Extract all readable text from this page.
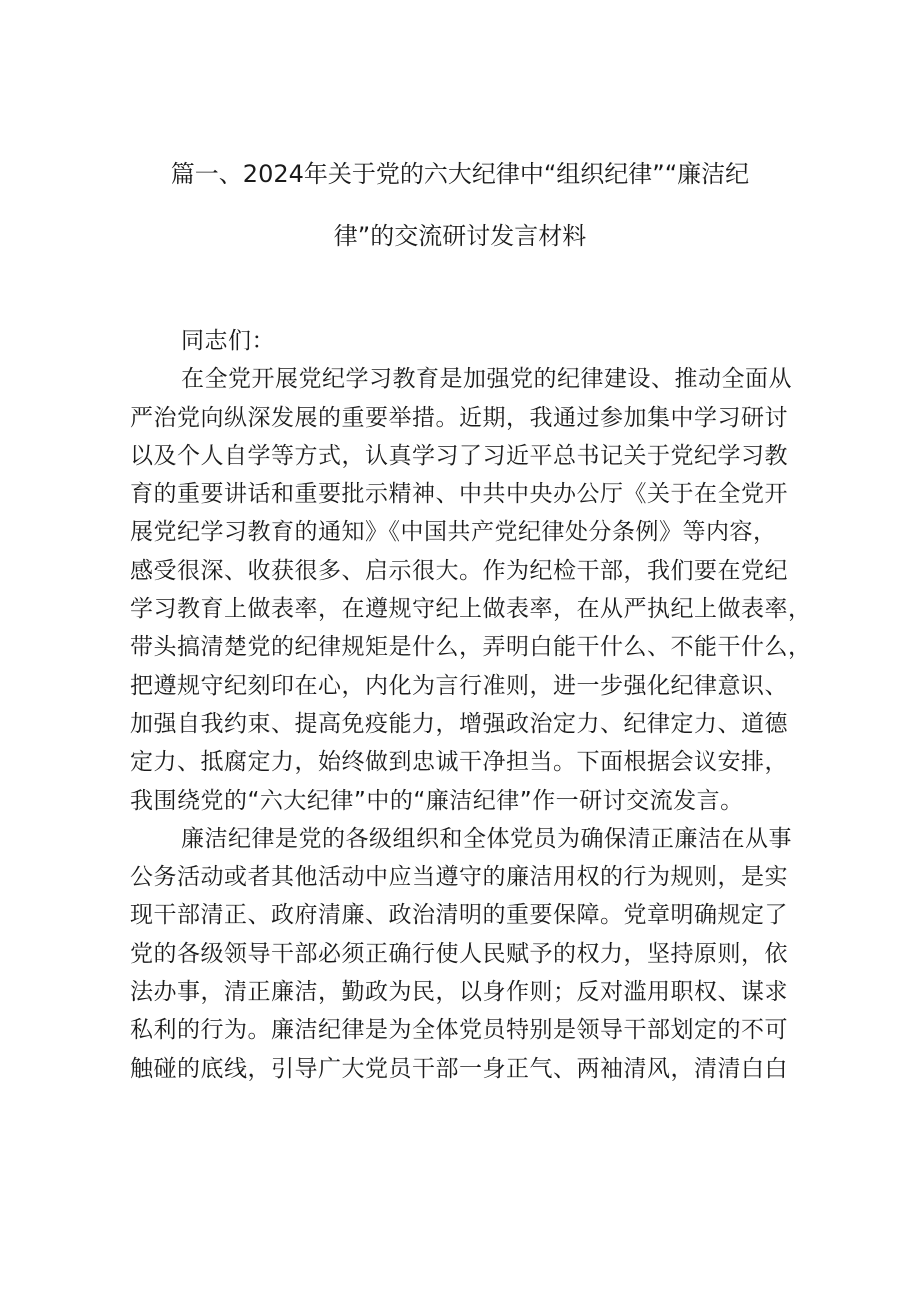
篇一、2024年关于党的六大纪律中“组织纪律”“廉洁纪
律”的交流研讨发言材料
同志们：
在全党开展党纪学习教育是加强党的纪律建设、推动全面从
严治党向纵深发展的重要举措。近期，我通过参加集中学习研讨
以及个人自学等方式，认真学习了习近平总书记关于党纪学习教
育的重要讲话和重要批示精神、中共中央办公厅《关于在全党开
展党纪学习教育的通知》《中国共产党纪律处分条例》等内容，
感受很深、收获很多、启示很大。作为纪检干部，我们要在党纪
学习教育上做表率，在遵规守纪上做表率，在从严执纪上做表率，
带头搞清楚党的纪律规矩是什么，弄明白能干什么、不能干什么，
把遵规守纪刻印在心，内化为言行准则，进一步强化纪律意识、
加强自我约束、提高免疫能力，增强政治定力、纪律定力、道德
定力、抵腐定力，始终做到忠诚干净担当。下面根据会议安排，
我围绕党的“六大纪律”中的“廉洁纪律”作一研讨交流发言。
廉洁纪律是党的各级组织和全体党员为确保清正廉洁在从事
公务活动或者其他活动中应当遵守的廉洁用权的行为规则，是实
现干部清正、政府清廉、政治清明的重要保障。党章明确规定了
党的各级领导干部必须正确行使人民赋予的权力，坚持原则，依
法办事，清正廉洁，勤政为民，以身作则；反对滥用职权、谋求
私利的行为。廉洁纪律是为全体党员特别是领导干部划定的不可
触碰的底线，引导广大党员干部一身正气、两袖清风，清清白白
